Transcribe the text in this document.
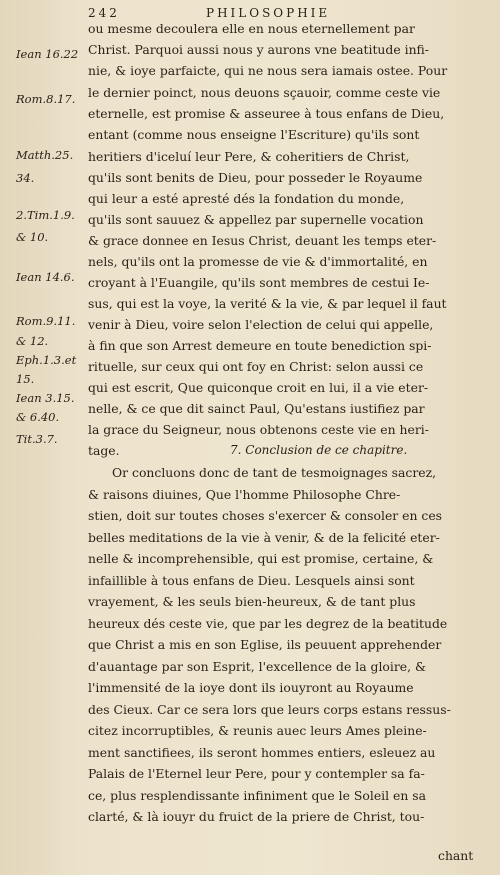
242	PHILOSOPHIE
Iean 16.22
Rom.8.17.
Matth.25.
34.
2.Tim.1.9.
& 10.
Iean 14.6.
Rom.9.11.
& 12.
Eph.1.3.et
15.
Iean 3.15.
& 6.40.
Tit.3.7.
ou mesme decoulera elle en nous eternellement par
Christ. Parquoi aussi nous y aurons vne beatitude infi-
nie, & ioye parfaicte, qui ne nous sera iamais ostee. Pour
le dernier poinct, nous deuons sçauoir, comme ceste vie
eternelle, est promise & asseuree à tous enfans de Dieu,
entant (comme nous enseigne l'Escriture) qu'ils sont
heritiers d'iceluí leur Pere, & coheritiers de Christ,
qu'ils sont benits de Dieu, pour posseder le Royaume
qui leur a esté apresté dés la fondation du monde,
qu'ils sont sauuez & appellez par supernelle vocation
& grace donnee en Iesus Christ, deuant les temps eter-
nels, qu'ils ont la promesse de vie & d'immortalité, en
croyant à l'Euangile, qu'ils sont membres de cestui Ie-
sus, qui est la voye, la verité & la vie, & par lequel il faut
venir à Dieu, voire selon l'election de celui qui appelle,
à fin que son Arrest demeure en toute benediction spi-
rituelle, sur ceux qui ont foy en Christ: selon aussi ce
qui est escrit, Que quiconque croit en lui, il a vie eter-
nelle, & ce que dit sainct Paul, Qu'estans iustifiez par
la grace du Seigneur, nous obtenons ceste vie en heri-
tage.	7. Conclusion de ce chapitre.
Or concluons donc de tant de tesmoignages sacrez,
& raisons diuines, Que l'homme Philosophe Chre-
stien, doit sur toutes choses s'exercer & consoler en ces
belles meditations de la vie à venir, & de la felicité eter-
nelle & incomprehensible, qui est promise, certaine, &
infaillible à tous enfans de Dieu. Lesquels ainsi sont
vrayement, & les seuls bien-heureux, & de tant plus
heureux dés ceste vie, que par les degrez de la beatitude
que Christ a mis en son Eglise, ils peuuent apprehender
d'auantage par son Esprit, l'excellence de la gloire, &
l'immensité de la ioye dont ils iouyront au Royaume
des Cieux. Car ce sera lors que leurs corps estans ressus-
citez incorruptibles, & reunis auec leurs Ames pleine-
ment sanctifiees, ils seront hommes entiers, esleuez au
Palais de l'Eternel leur Pere, pour y contempler sa fa-
ce, plus resplendissante infiniment que le Soleil en sa
clarté, & là iouyr du fruict de la priere de Christ, tou-
chant
